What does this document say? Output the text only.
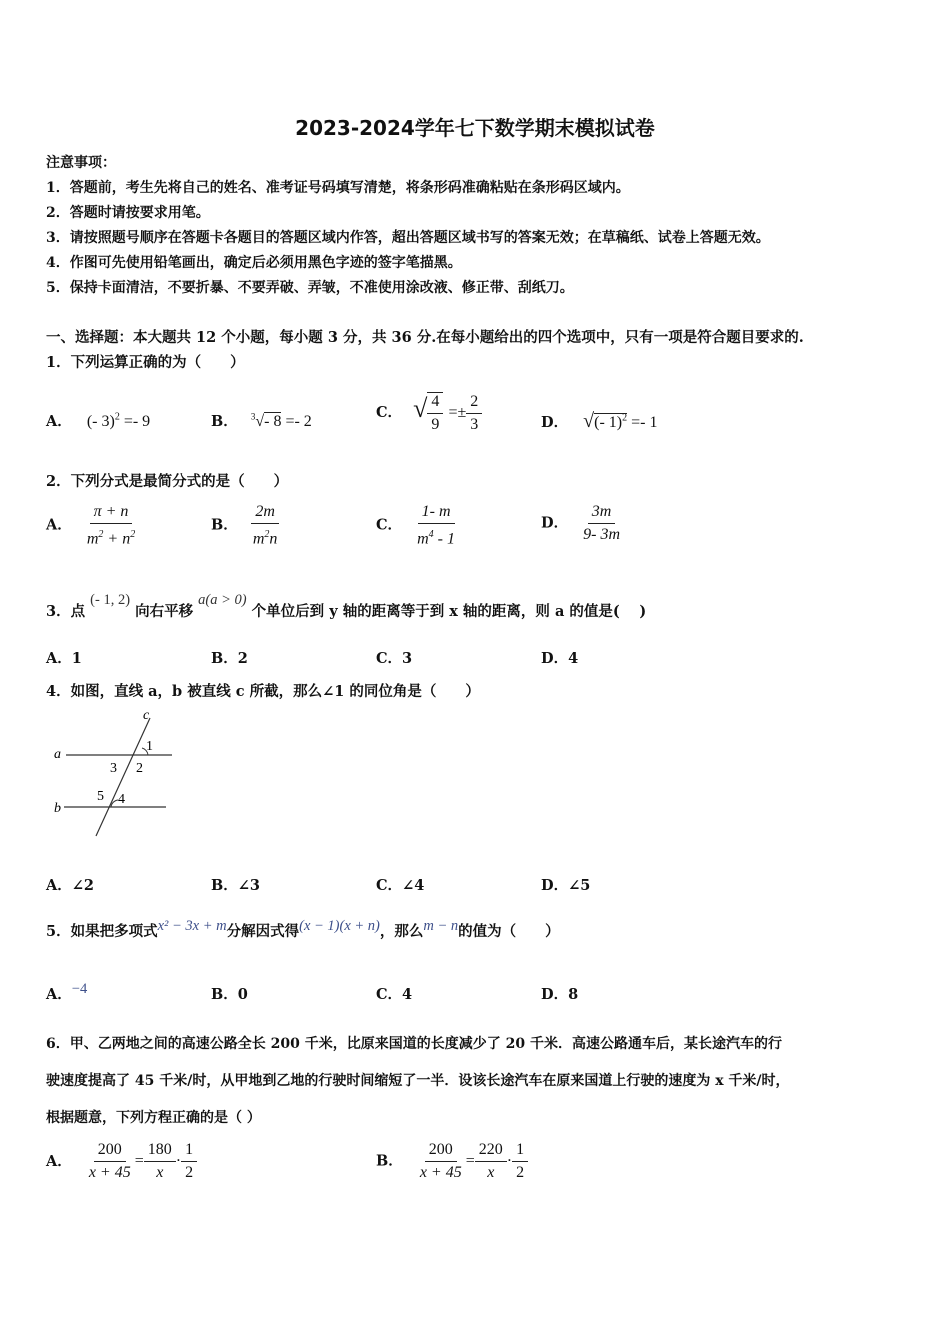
2023-2024学年七下数学期末模拟试卷
注意事项：
1．答题前，考生先将自己的姓名、准考证号码填写清楚，将条形码准确粘贴在条形码区域内。
2．答题时请按要求用笔。
3．请按照题号顺序在答题卡各题目的答题区域内作答，超出答题区域书写的答案无效；在草稿纸、试卷上答题无效。
4．作图可先使用铅笔画出，确定后必须用黑色字迹的签字笔描黑。
5．保持卡面清洁，不要折暴、不要弄破、弄皱，不准使用涂改液、修正带、刮纸刀。
一、选择题：本大题共 12 个小题，每小题 3 分，共 36 分.在每小题给出的四个选项中，只有一项是符合题目要求的.
1．下列运算正确的为（　　）
A． (- 3)$^2$ =- 9	B． $^3$√- 8 =- 2
C． √ $\frac{4}{9} =\pm \frac{2}{3}$	D． √(- 1)$^2$ =- 1
2．下列分式是最简分式的是（　　）
A． $\frac{\pi + n}{m^2 + n^2}$	B． $\frac{2m}{m^2n}$	C． $\frac{1- m}{m^4 - 1}$	D． $\frac{3m}{9- 3m}$
3．点 (- 1, 2) 向右平移 a(a > 0) 个单位后到 y 轴的距离等于到 x 轴的距离，则 a 的值是(　 )
A．1	B．2	C．3	D．4
4．如图，直线 a，b 被直线 c 所截，那么∠1 的同位角是（　　）
a
b
c
1
2
3
4
5
A．∠2	B．∠3	C．∠4	D．∠5
5．如果把多项式x² − 3x + m分解因式得(x − 1)(x + n)，那么m − n的值为（　　）
A．−4	B．0	C．4	D．8
6．甲、乙两地之间的高速公路全长 200 千米，比原来国道的长度减少了 20 千米．高速公路通车后，某长途汽车的行
驶速度提高了 45 千米/时，从甲地到乙地的行驶时间缩短了一半．设该长途汽车在原来国道上行驶的速度为 x 千米/时，
根据题意，下列方程正确的是（ ）
A． $\frac{200}{x + 45} = \frac{180}{x} \cdot \frac{1}{2}$	B． $\frac{200}{x + 45} = \frac{220}{x} \cdot \frac{1}{2}$
